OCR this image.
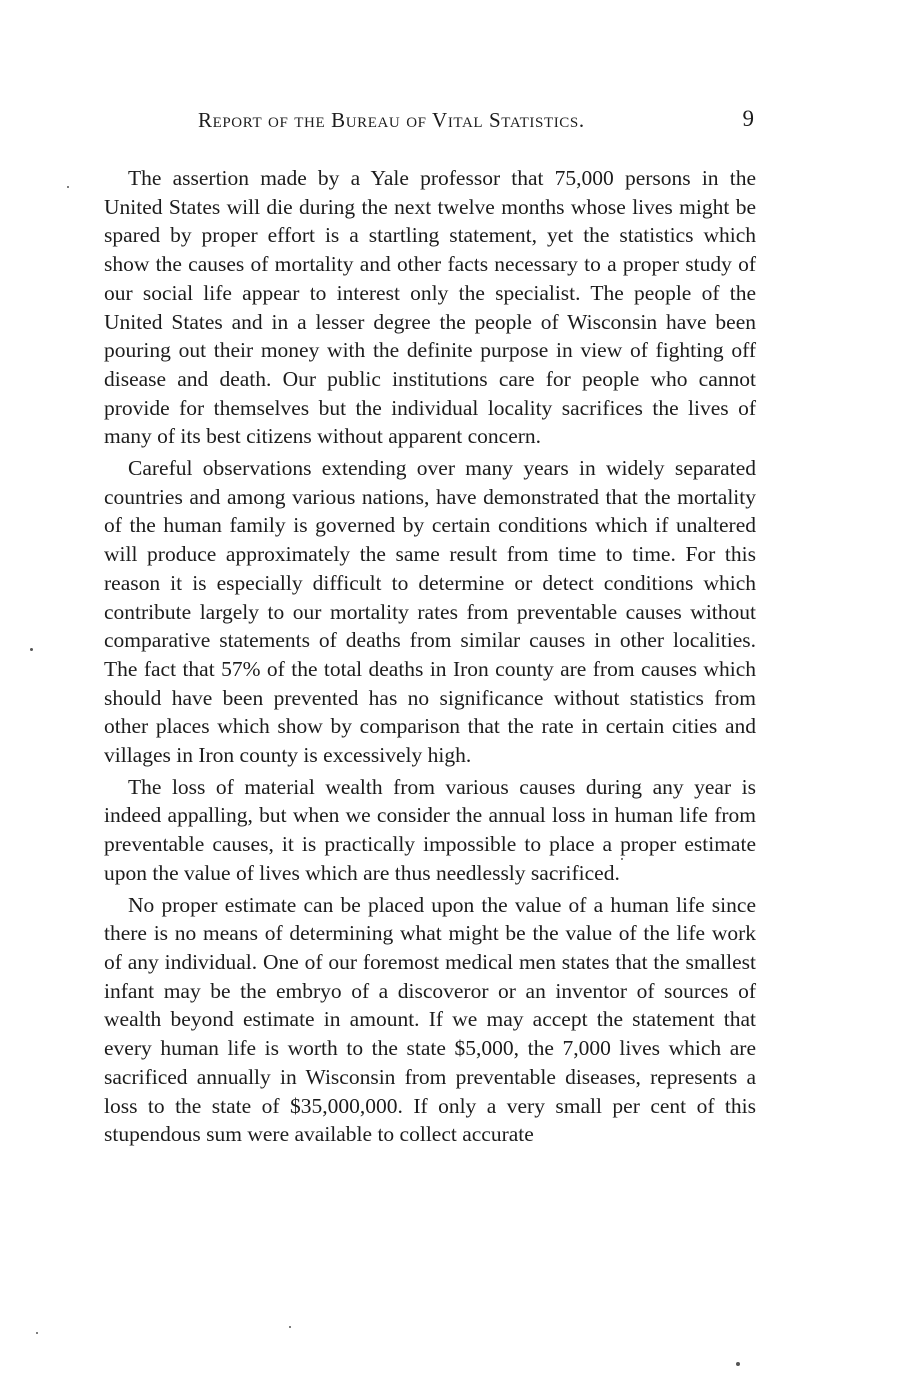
Report of the Bureau of Vital Statistics.	9

The assertion made by a Yale professor that 75,000 persons in the United States will die during the next twelve months whose lives might be spared by proper effort is a startling statement, yet the statistics which show the causes of mortality and other facts necessary to a proper study of our social life appear to interest only the specialist. The people of the United States and in a lesser degree the people of Wisconsin have been pouring out their money with the definite purpose in view of fighting off disease and death. Our public institutions care for people who cannot provide for themselves but the individual locality sacrifices the lives of many of its best citizens without apparent concern.

Careful observations extending over many years in widely separated countries and among various nations, have demonstrated that the mortality of the human family is governed by certain conditions which if unaltered will produce approximately the same result from time to time. For this reason it is especially difficult to determine or detect conditions which contribute largely to our mortality rates from preventable causes without comparative statements of deaths from similar causes in other localities. The fact that 57% of the total deaths in Iron county are from causes which should have been prevented has no significance without statistics from other places which show by comparison that the rate in certain cities and villages in Iron county is excessively high.

The loss of material wealth from various causes during any year is indeed appalling, but when we consider the annual loss in human life from preventable causes, it is practically impossible to place a proper estimate upon the value of lives which are thus needlessly sacrificed.

No proper estimate can be placed upon the value of a human life since there is no means of determining what might be the value of the life work of any individual. One of our foremost medical men states that the smallest infant may be the embryo of a discoveror or an inventor of sources of wealth beyond estimate in amount. If we may accept the statement that every human life is worth to the state $5,000, the 7,000 lives which are sacrificed annually in Wisconsin from preventable diseases, represents a loss to the state of $35,000,000. If only a very small per cent of this stupendous sum were available to collect accurate
